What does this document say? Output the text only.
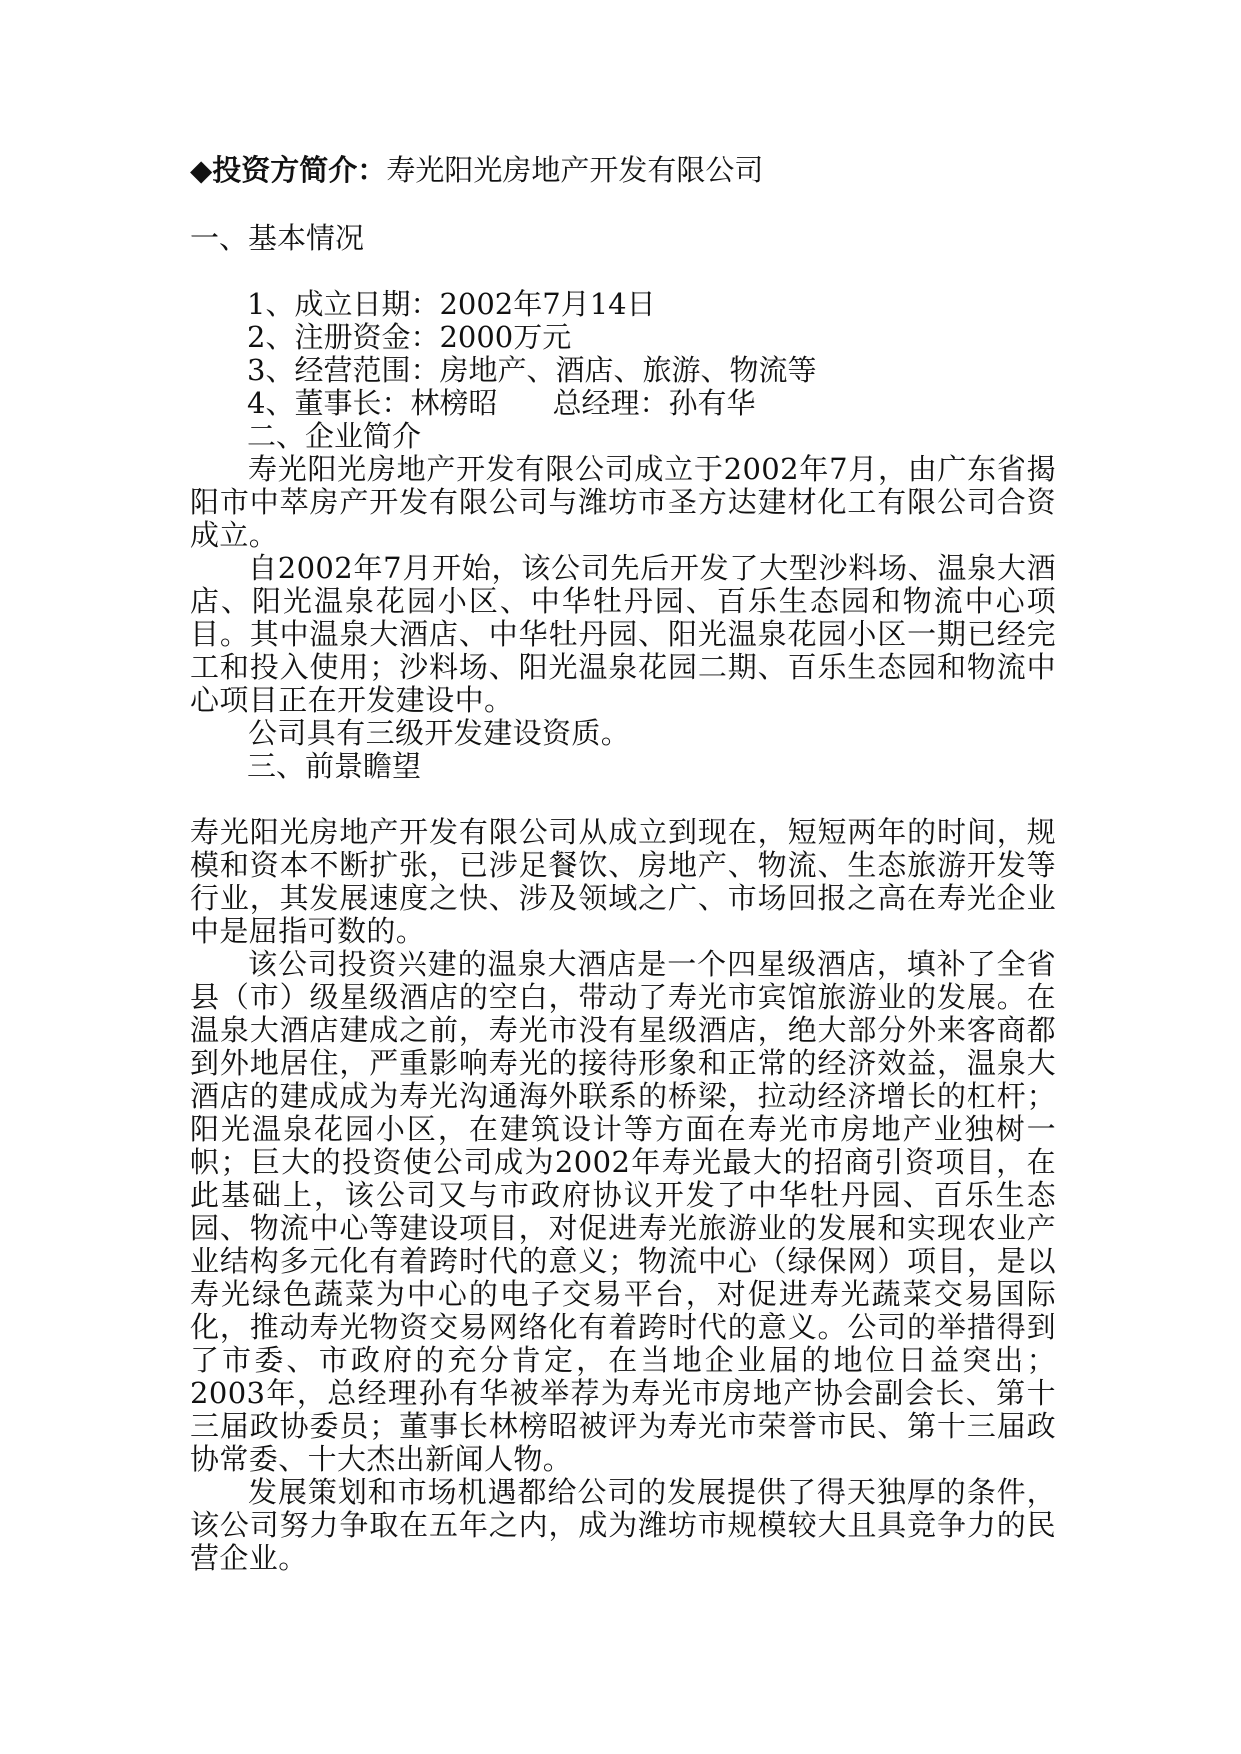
◆投资方简介：寿光阳光房地产开发有限公司

一、基本情况

1、成立日期：2002年7月14日

2、注册资金：2000万元

3、经营范围：房地产、酒店、旅游、物流等

4、董事长：林榜昭 总经理：孙有华

二、企业简介

寿光阳光房地产开发有限公司成立于2002年7月，由广东省揭阳市中萃房产开发有限公司与潍坊市圣方达建材化工有限公司合资成立。

自2002年7月开始，该公司先后开发了大型沙料场、温泉大酒店、阳光温泉花园小区、中华牡丹园、百乐生态园和物流中心项目。其中温泉大酒店、中华牡丹园、阳光温泉花园小区一期已经完工和投入使用；沙料场、阳光温泉花园二期、百乐生态园和物流中心项目正在开发建设中。

公司具有三级开发建设资质。

三、前景瞻望

寿光阳光房地产开发有限公司从成立到现在，短短两年的时间，规模和资本不断扩张，已涉足餐饮、房地产、物流、生态旅游开发等行业，其发展速度之快、涉及领域之广、市场回报之高在寿光企业中是屈指可数的。

该公司投资兴建的温泉大酒店是一个四星级酒店，填补了全省县（市）级星级酒店的空白，带动了寿光市宾馆旅游业的发展。在温泉大酒店建成之前，寿光市没有星级酒店，绝大部分外来客商都到外地居住，严重影响寿光的接待形象和正常的经济效益，温泉大酒店的建成成为寿光沟通海外联系的桥梁，拉动经济增长的杠杆；阳光温泉花园小区，在建筑设计等方面在寿光市房地产业独树一帜；巨大的投资使公司成为2002年寿光最大的招商引资项目，在此基础上，该公司又与市政府协议开发了中华牡丹园、百乐生态园、物流中心等建设项目，对促进寿光旅游业的发展和实现农业产业结构多元化有着跨时代的意义；物流中心（绿保网）项目，是以寿光绿色蔬菜为中心的电子交易平台，对促进寿光蔬菜交易国际化，推动寿光物资交易网络化有着跨时代的意义。公司的举措得到了市委、市政府的充分肯定，在当地企业届的地位日益突出；2003年，总经理孙有华被举荐为寿光市房地产协会副会长、第十三届政协委员；董事长林榜昭被评为寿光市荣誉市民、第十三届政协常委、十大杰出新闻人物。

发展策划和市场机遇都给公司的发展提供了得天独厚的条件，该公司努力争取在五年之内，成为潍坊市规模较大且具竞争力的民营企业。
